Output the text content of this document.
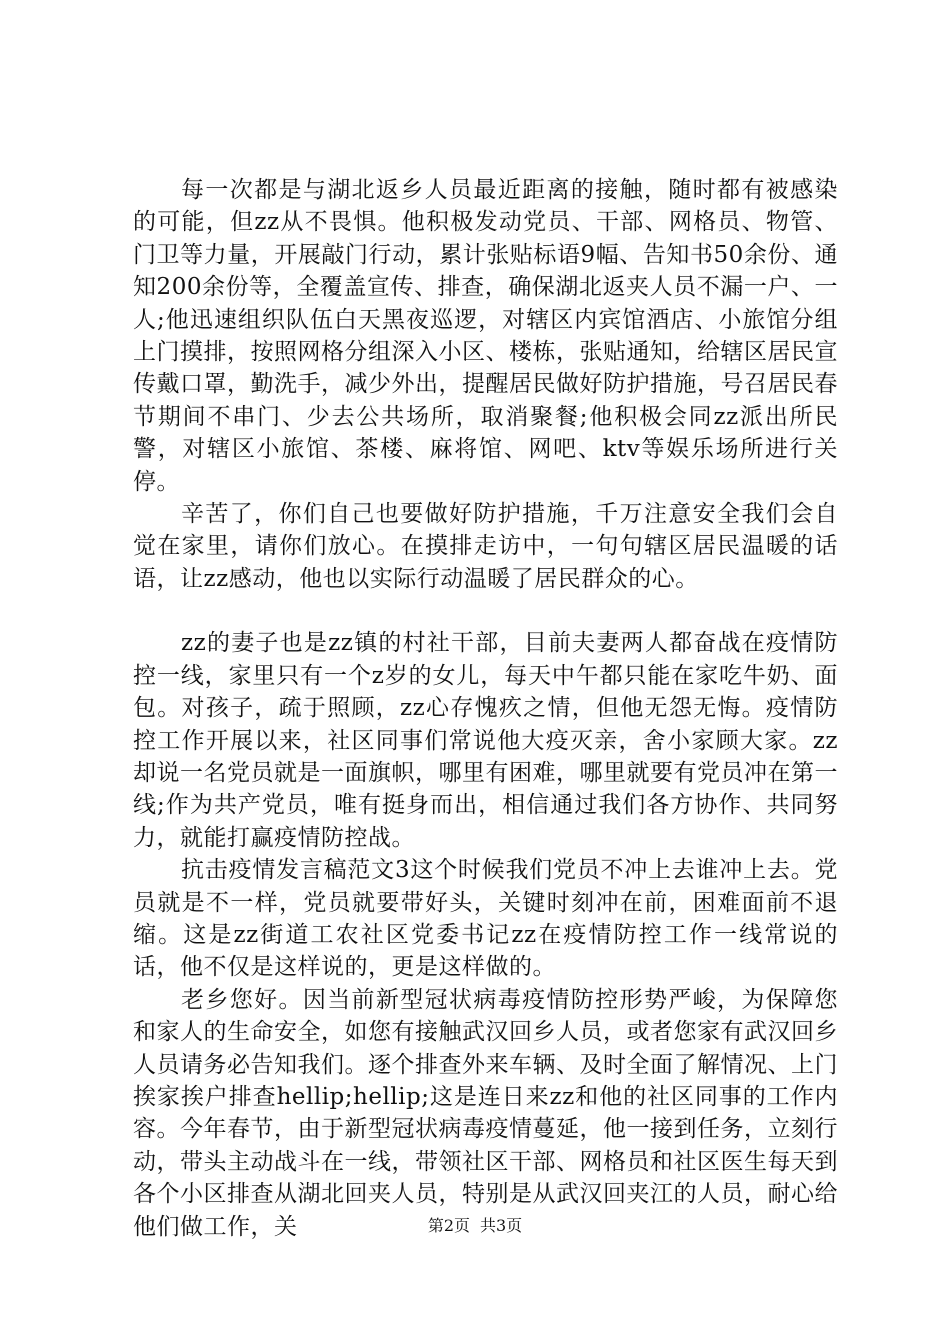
每一次都是与湖北返乡人员最近距离的接触，随时都有被感染的可能，但zz从不畏惧。他积极发动党员、干部、网格员、物管、门卫等力量，开展敲门行动，累计张贴标语9幅、告知书50余份、通知200余份等，全覆盖宣传、排查，确保湖北返夹人员不漏一户、一人;他迅速组织队伍白天黑夜巡逻，对辖区内宾馆酒店、小旅馆分组上门摸排，按照网格分组深入小区、楼栋，张贴通知，给辖区居民宣传戴口罩，勤洗手，减少外出，提醒居民做好防护措施，号召居民春节期间不串门、少去公共场所，取消聚餐;他积极会同zz派出所民警，对辖区小旅馆、茶楼、麻将馆、网吧、ktv等娱乐场所进行关停。

辛苦了，你们自己也要做好防护措施，千万注意安全我们会自觉在家里，请你们放心。在摸排走访中，一句句辖区居民温暖的话语，让zz感动，他也以实际行动温暖了居民群众的心。

zz的妻子也是zz镇的村社干部，目前夫妻两人都奋战在疫情防控一线，家里只有一个z岁的女儿，每天中午都只能在家吃牛奶、面包。对孩子，疏于照顾，zz心存愧疚之情，但他无怨无悔。疫情防控工作开展以来，社区同事们常说他大疫灭亲，舍小家顾大家。zz却说一名党员就是一面旗帜，哪里有困难，哪里就要有党员冲在第一线;作为共产党员，唯有挺身而出，相信通过我们各方协作、共同努力，就能打赢疫情防控战。

抗击疫情发言稿范文3这个时候我们党员不冲上去谁冲上去。党员就是不一样，党员就要带好头，关键时刻冲在前，困难面前不退缩。这是zz街道工农社区党委书记zz在疫情防控工作一线常说的话，他不仅是这样说的，更是这样做的。

老乡您好。因当前新型冠状病毒疫情防控形势严峻，为保障您和家人的生命安全，如您有接触武汉回乡人员，或者您家有武汉回乡人员请务必告知我们。逐个排查外来车辆、及时全面了解情况、上门挨家挨户排查hellip;hellip;这是连日来zz和他的社区同事的工作内容。今年春节，由于新型冠状病毒疫情蔓延，他一接到任务，立刻行动，带头主动战斗在一线，带领社区干部、网格员和社区医生每天到各个小区排查从湖北回夹人员，特别是从武汉回夹江的人员，耐心给他们做工作，关	第2页 共3页
